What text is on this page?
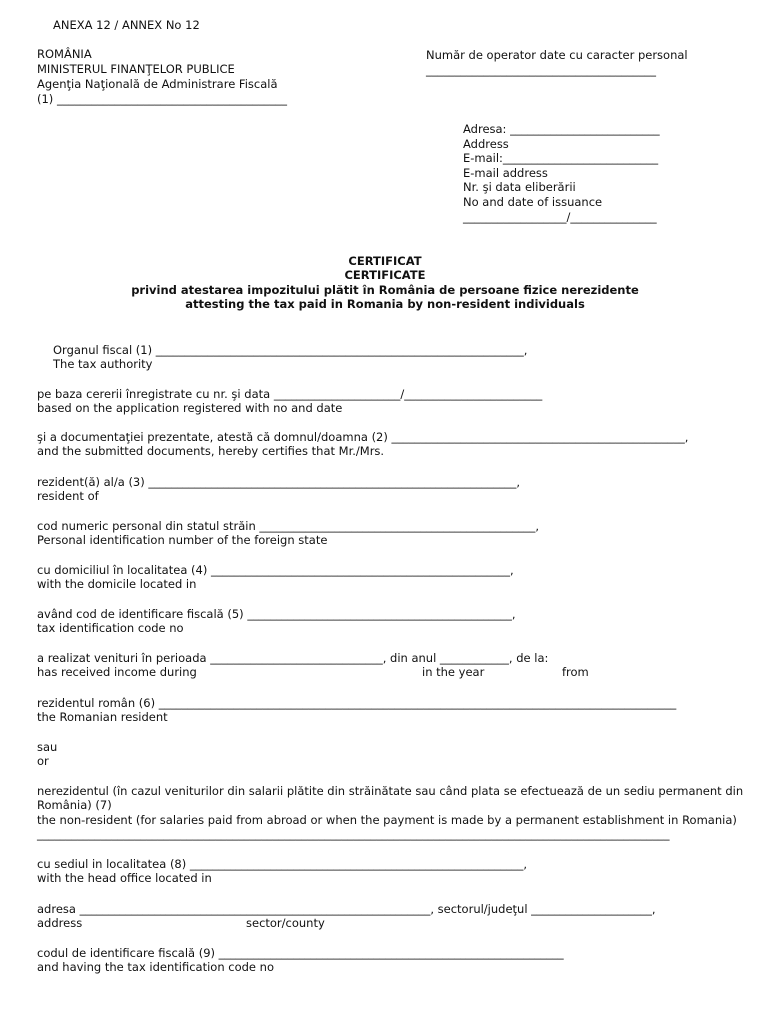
ANEXA 12 / ANNEX No 12
ROMÂNIA
MINISTERUL FINANŢELOR PUBLICE
Agenţia Naţională de Administrare Fiscală
(1) ________________________________________
Număr de operator date cu caracter personal
________________________________________
Adresa: __________________________
Address
E-mail:___________________________
E-mail address
Nr. şi data eliberării
No and date of issuance
__________________/_______________
CERTIFICAT
CERTIFICATE
privind atestarea impozitului plătit în România de persoane fizice nerezidente
attesting the tax paid in Romania by non-resident individuals
Organul fiscal (1) ________________________________________________________________,
The tax authority
pe baza cererii înregistrate cu nr. şi data ______________________/________________________
based on the application registered with no and date
şi a documentaţiei prezentate, atestă că domnul/doamna (2) ___________________________________________________,
and the submitted documents, hereby certifies that Mr./Mrs.
rezident(ă) al/a (3) ________________________________________________________________,
resident of
cod numeric personal din statul străin ________________________________________________,
Personal identification number of the foreign state
cu domiciliul în localitatea (4) ____________________________________________________,
with the domicile located in
având cod de identificare fiscală (5) ______________________________________________,
tax identification code no
a realizat venituri în perioada ______________________________, din anul ____________, de la:
has received income during	in the year	from
rezidentul român (6) __________________________________________________________________________________________
the Romanian resident
sau
or
nerezidentul (în cazul veniturilor din salarii plătite din străinătate sau când plata se efectuează de un sediu permanent din
România) (7)
the non-resident (for salaries paid from abroad or when the payment is made by a permanent establishment in Romania)
______________________________________________________________________________________________________________
cu sediul in localitatea (8) __________________________________________________________,
with the head office located in
adresa _____________________________________________________________, sectorul/judeţul _____________________,
address	sector/county
codul de identificare fiscală (9) ____________________________________________________________
and having the tax identification code no
